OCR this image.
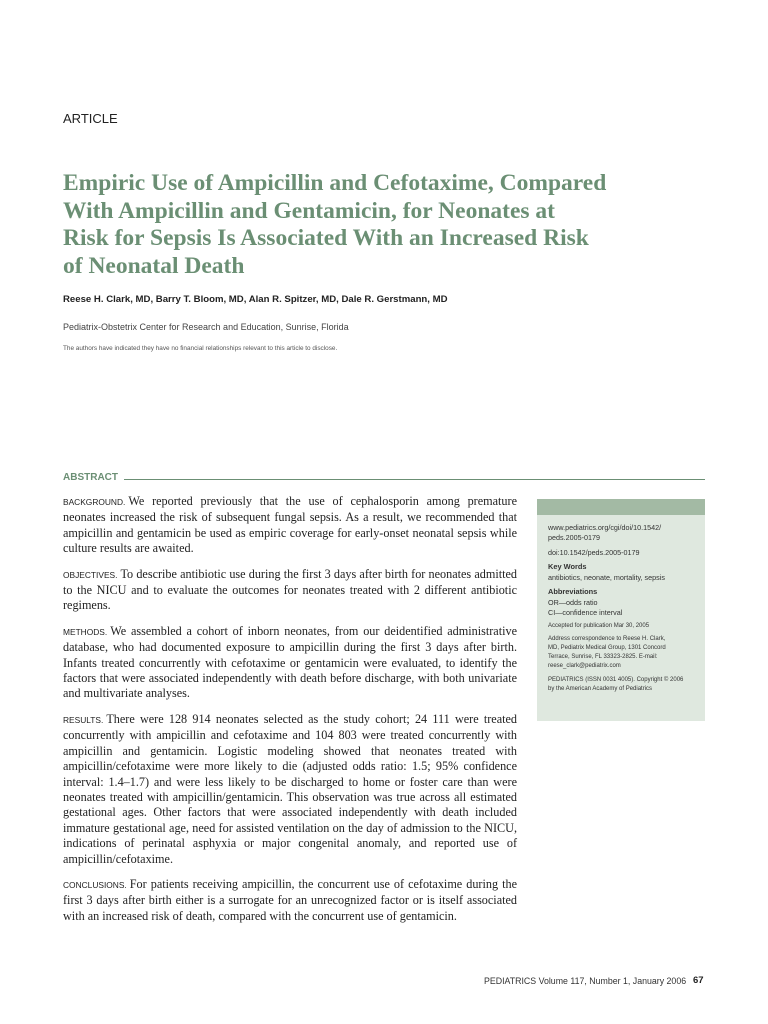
ARTICLE
Empiric Use of Ampicillin and Cefotaxime, Compared
With Ampicillin and Gentamicin, for Neonates at
Risk for Sepsis Is Associated With an Increased Risk
of Neonatal Death
Reese H. Clark, MD, Barry T. Bloom, MD, Alan R. Spitzer, MD, Dale R. Gerstmann, MD
Pediatrix-Obstetrix Center for Research and Education, Sunrise, Florida
The authors have indicated they have no financial relationships relevant to this article to disclose.
ABSTRACT

BACKGROUND. We reported previously that the use of cephalosporin among premature neonates increased the risk of subsequent fungal sepsis. As a result, we recommended that ampicillin and gentamicin be used as empiric coverage for early-onset neonatal sepsis while culture results are awaited.

OBJECTIVES. To describe antibiotic use during the first 3 days after birth for neonates admitted to the NICU and to evaluate the outcomes for neonates treated with 2 different antibiotic regimens.

METHODS. We assembled a cohort of inborn neonates, from our deidentified administrative database, who had documented exposure to ampicillin during the first 3 days after birth. Infants treated concurrently with cefotaxime or gentamicin were evaluated, to identify the factors that were associated independently with death before discharge, with both univariate and multivariate analyses.

RESULTS. There were 128 914 neonates selected as the study cohort; 24 111 were treated concurrently with ampicillin and cefotaxime and 104 803 were treated concurrently with ampicillin and gentamicin. Logistic modeling showed that neonates treated with ampicillin/cefotaxime were more likely to die (adjusted odds ratio: 1.5; 95% confidence interval: 1.4–1.7) and were less likely to be discharged to home or foster care than were neonates treated with ampicillin/gentamicin. This observation was true across all estimated gestational ages. Other factors that were associated independently with death included immature gestational age, need for assisted ventilation on the day of admission to the NICU, indications of perinatal asphyxia or major congenital anomaly, and reported use of ampicillin/cefotaxime.

CONCLUSIONS. For patients receiving ampicillin, the concurrent use of cefotaxime during the first 3 days after birth either is a surrogate for an unrecognized factor or is itself associated with an increased risk of death, compared with the concurrent use of gentamicin.

www.pediatrics.org/cgi/doi/10.1542/
peds.2005-0179
doi:10.1542/peds.2005-0179
Key Words
antibiotics, neonate, mortality, sepsis
Abbreviations
OR—odds ratio
CI—confidence interval
Accepted for publication Mar 30, 2005
Address correspondence to Reese H. Clark,
MD, Pediatrix Medical Group, 1301 Concord
Terrace, Sunrise, FL 33323-2825. E-mail:
reese_clark@pediatrix.com
PEDIATRICS (ISSN 0031 4005). Copyright © 2006
by the American Academy of Pediatrics
PEDIATRICS Volume 117, Number 1, January 2006 67
